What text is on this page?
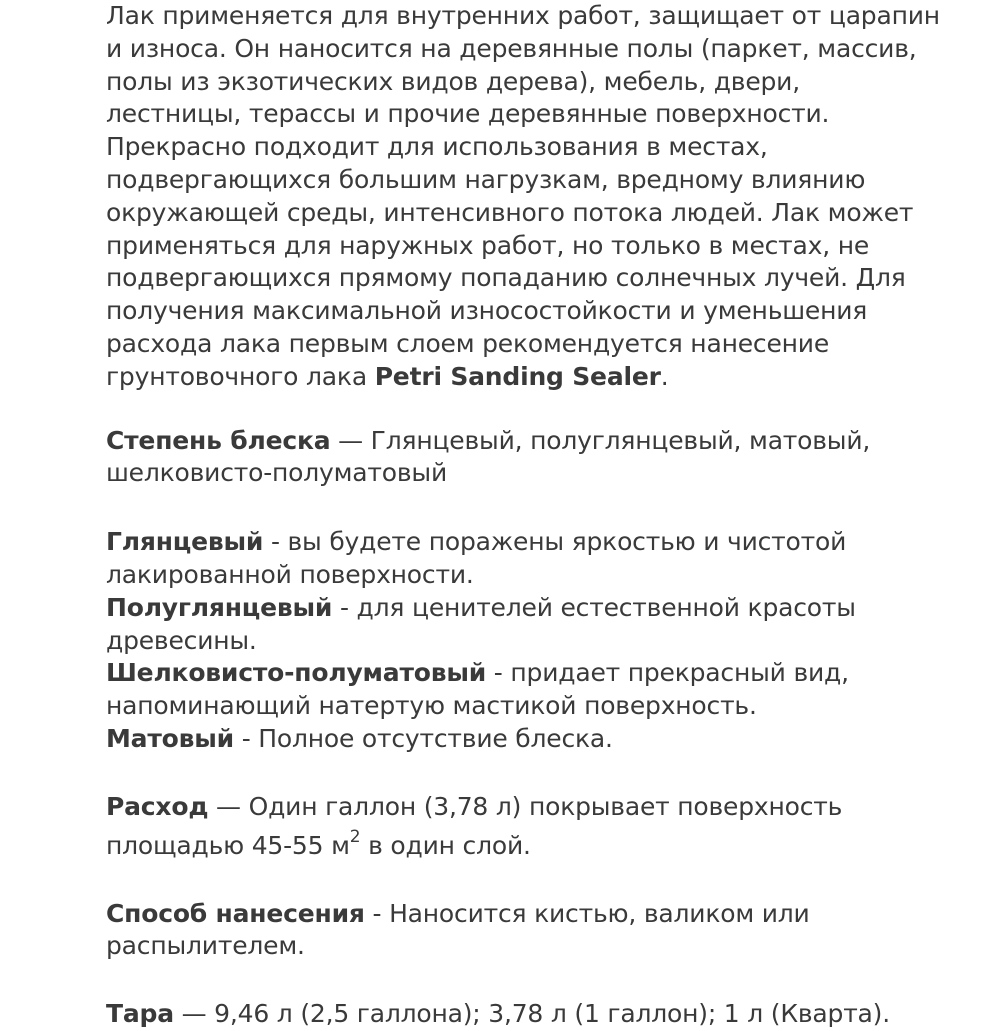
Лак применяется для внутренних работ, защищает от царапин
и износа. Он наносится на деревянные полы (паркет, массив,
полы из экзотических видов дерева), мебель, двери,
лестницы, терассы и прочие деревянные поверхности.
Прекрасно подходит для использования в местах,
подвергающихся большим нагрузкам, вредному влиянию
окружающей среды, интенсивного потока людей. Лак может
применяться для наружных работ, но только в местах, не
подвергающихся прямому попаданию солнечных лучей. Для
получения максимальной износостойкости и уменьшения
расхода лака первым слоем рекомендуется нанесение
грунтовочного лака Petri Sanding Sealer.

Степень блеска — Глянцевый, полуглянцевый, матовый,
шелковисто-полуматовый

Глянцевый - вы будете поражены яркостью и чистотой
лакированной поверхности.
Полуглянцевый - для ценителей естественной красоты
древесины.
Шелковисто-полуматовый - придает прекрасный вид,
напоминающий натертую мастикой поверхность.
Матовый - Полное отсутствие блеска.

Расход — Один галлон (3,78 л) покрывает поверхность
площадью 45-55 $м^2$ в один слой.

Способ нанесения - Наносится кистью, валиком или
распылителем.

Тара — 9,46 л (2,5 галлона); 3,78 л (1 галлон); 1 л (Кварта).
